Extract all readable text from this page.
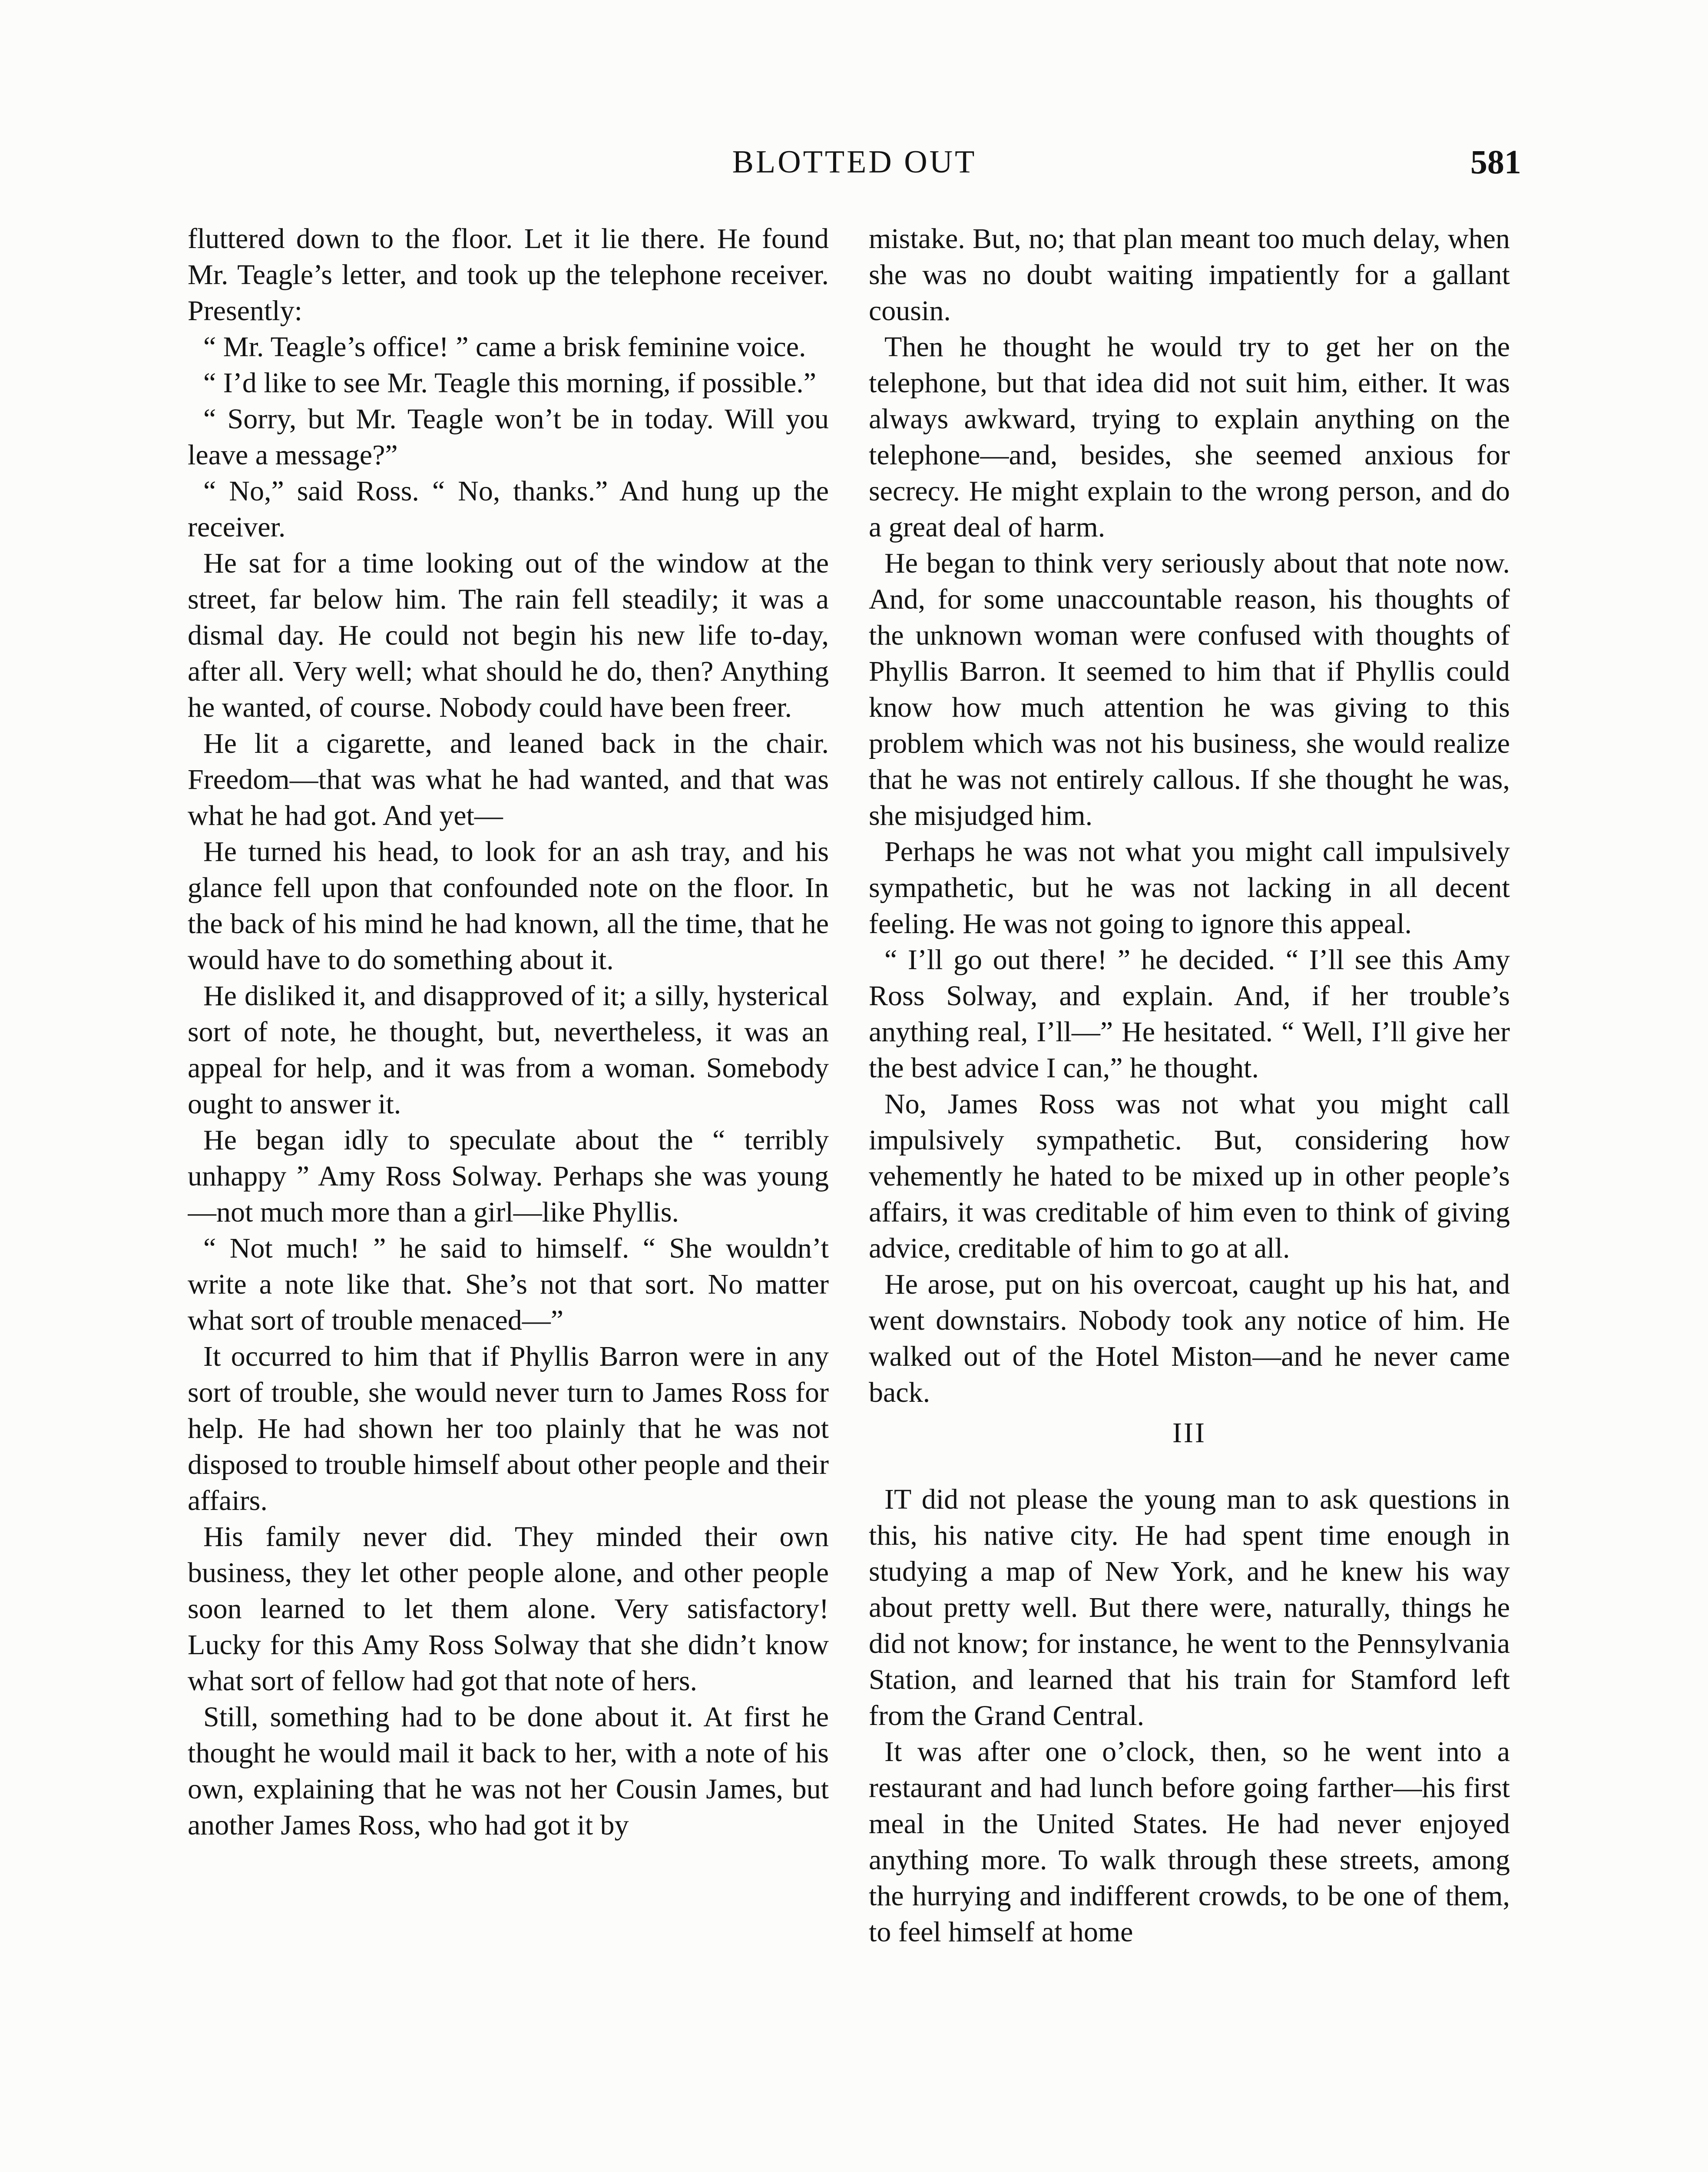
BLOTTED OUT	581

fluttered down to the floor. Let it lie there. He found Mr. Teagle’s letter, and took up the telephone receiver. Presently:

“ Mr. Teagle’s office! ” came a brisk feminine voice.

“ I’d like to see Mr. Teagle this morning, if possible.”

“ Sorry, but Mr. Teagle won’t be in today. Will you leave a message?”

“ No,” said Ross. “ No, thanks.” And hung up the receiver.

He sat for a time looking out of the window at the street, far below him. The rain fell steadily; it was a dismal day. He could not begin his new life to-day, after all. Very well; what should he do, then? Anything he wanted, of course. Nobody could have been freer.

He lit a cigarette, and leaned back in the chair. Freedom—that was what he had wanted, and that was what he had got. And yet—

He turned his head, to look for an ash tray, and his glance fell upon that confounded note on the floor. In the back of his mind he had known, all the time, that he would have to do something about it.

He disliked it, and disapproved of it; a silly, hysterical sort of note, he thought, but, nevertheless, it was an appeal for help, and it was from a woman. Somebody ought to answer it.

He began idly to speculate about the “ terribly unhappy ” Amy Ross Solway. Perhaps she was young—not much more than a girl—like Phyllis.

“ Not much! ” he said to himself. “ She wouldn’t write a note like that. She’s not that sort. No matter what sort of trouble menaced—”

It occurred to him that if Phyllis Barron were in any sort of trouble, she would never turn to James Ross for help. He had shown her too plainly that he was not disposed to trouble himself about other people and their affairs.

His family never did. They minded their own business, they let other people alone, and other people soon learned to let them alone. Very satisfactory! Lucky for this Amy Ross Solway that she didn’t know what sort of fellow had got that note of hers.

Still, something had to be done about it. At first he thought he would mail it back to her, with a note of his own, explaining that he was not her Cousin James, but another James Ross, who had got it by

mistake. But, no; that plan meant too much delay, when she was no doubt waiting impatiently for a gallant cousin.

Then he thought he would try to get her on the telephone, but that idea did not suit him, either. It was always awkward, trying to explain anything on the telephone—and, besides, she seemed anxious for secrecy. He might explain to the wrong person, and do a great deal of harm.

He began to think very seriously about that note now. And, for some unaccountable reason, his thoughts of the unknown woman were confused with thoughts of Phyllis Barron. It seemed to him that if Phyllis could know how much attention he was giving to this problem which was not his business, she would realize that he was not entirely callous. If she thought he was, she misjudged him.

Perhaps he was not what you might call impulsively sympathetic, but he was not lacking in all decent feeling. He was not going to ignore this appeal.

“ I’ll go out there! ” he decided. “ I’ll see this Amy Ross Solway, and explain. And, if her trouble’s anything real, I’ll—” He hesitated. “ Well, I’ll give her the best advice I can,” he thought.

No, James Ross was not what you might call impulsively sympathetic. But, considering how vehemently he hated to be mixed up in other people’s affairs, it was creditable of him even to think of giving advice, creditable of him to go at all.

He arose, put on his overcoat, caught up his hat, and went downstairs. Nobody took any notice of him. He walked out of the Hotel Miston—and he never came back.

III

IT did not please the young man to ask questions in this, his native city. He had spent time enough in studying a map of New York, and he knew his way about pretty well. But there were, naturally, things he did not know; for instance, he went to the Pennsylvania Station, and learned that his train for Stamford left from the Grand Central.

It was after one o’clock, then, so he went into a restaurant and had lunch before going farther—his first meal in the United States. He had never enjoyed anything more. To walk through these streets, among the hurrying and indifferent crowds, to be one of them, to feel himself at home
